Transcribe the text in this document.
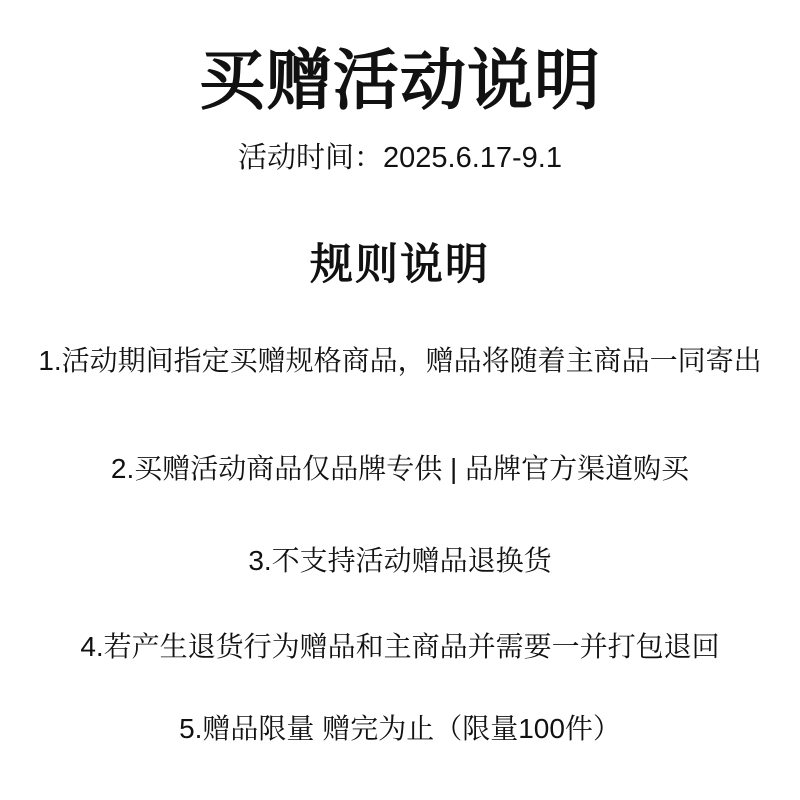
买赠活动说明

活动时间：2025.6.17-9.1

规则说明

1.活动期间指定买赠规格商品，赠品将随着主商品一同寄出

2.买赠活动商品仅品牌专供 | 品牌官方渠道购买

3.不支持活动赠品退换货

4.若产生退货行为赠品和主商品并需要一并打包退回

5.赠品限量 赠完为止（限量100件）
